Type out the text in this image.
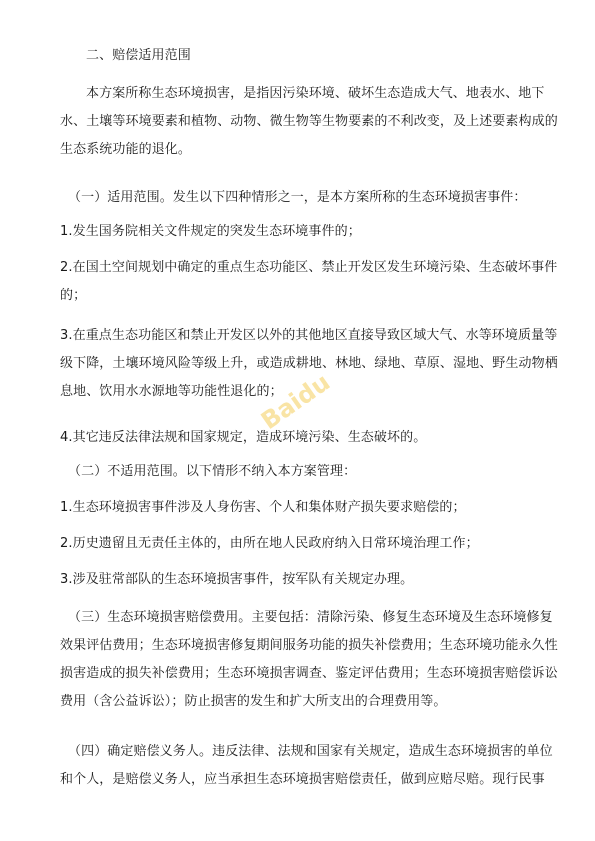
二、赔偿适用范围
本方案所称生态环境损害，是指因污染环境、破坏生态造成大气、地表水、地下水、土壤等环境要素和植物、动物、微生物等生物要素的不利改变，及上述要素构成的生态系统功能的退化。
（一）适用范围。发生以下四种情形之一，是本方案所称的生态环境损害事件：
1.发生国务院相关文件规定的突发生态环境事件的；
2.在国土空间规划中确定的重点生态功能区、禁止开发区发生环境污染、生态破坏事件的；
3.在重点生态功能区和禁止开发区以外的其他地区直接导致区域大气、水等环境质量等级下降，土壤环境风险等级上升，或造成耕地、林地、绿地、草原、湿地、野生动物栖息地、饮用水水源地等功能性退化的；
4.其它违反法律法规和国家规定，造成环境污染、生态破坏的。
（二）不适用范围。以下情形不纳入本方案管理：
1.生态环境损害事件涉及人身伤害、个人和集体财产损失要求赔偿的；
2.历史遗留且无责任主体的，由所在地人民政府纳入日常环境治理工作；
3.涉及驻常部队的生态环境损害事件，按军队有关规定办理。
（三）生态环境损害赔偿费用。主要包括：清除污染、修复生态环境及生态环境修复效果评估费用；生态环境损害修复期间服务功能的损失补偿费用；生态环境功能永久性损害造成的损失补偿费用；生态环境损害调查、鉴定评估费用；生态环境损害赔偿诉讼费用（含公益诉讼）；防止损害的发生和扩大所支出的合理费用等。
（四）确定赔偿义务人。违反法律、法规和国家有关规定，造成生态环境损害的单位和个人，是赔偿义务人，应当承担生态环境损害赔偿责任，做到应赔尽赔。现行民事
Baidu
